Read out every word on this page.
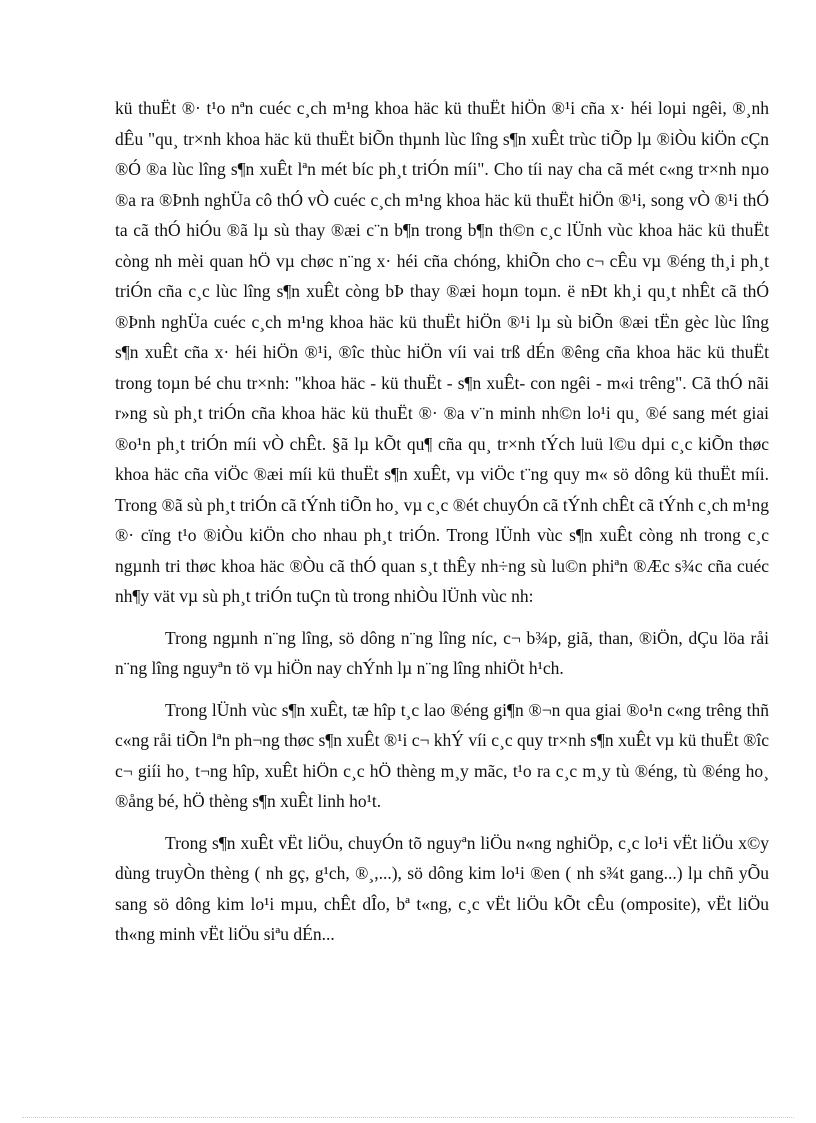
kü thuËt ®· t¹o nªn cuéc c¸ch m¹ng khoa häc kü thuËt hiÖn ®¹i cña x· héi loµi ngêi, ®¸nh dÊu "qu¸ tr×nh khoa häc kü thuËt biÕn thµnh lùc lîng s¶n xuÊt trùc tiÕp lµ ®iÒu kiÖn cÇn ®Ó ®a lùc lîng s¶n xuÊt lªn mét bíc ph¸t triÓn míi". Cho tíi nay cha cã mét c«ng tr×nh nµo ®a ra ®Þnh nghÜa cô thÓ vÒ cuéc c¸ch m¹ng khoa häc kü thuËt hiÖn ®¹i, song vÒ ®¹i thÓ ta cã thÓ hiÓu ®ã lµ sù thay ®æi c¨n b¶n trong b¶n th©n c¸c lÜnh vùc khoa häc kü thuËt còng nh mèi quan hÖ vµ chøc n¨ng x· héi cña chóng, khiÕn cho c¬ cÊu vµ ®éng th¸i ph¸t triÓn cña c¸c lùc lîng s¶n xuÊt còng bÞ thay ®æi hoµn toµn. ë nÐt kh¸i qu¸t nhÊt cã thÓ ®Þnh nghÜa cuéc c¸ch m¹ng khoa häc kü thuËt hiÖn ®¹i lµ sù biÕn ®æi tËn gèc lùc lîng s¶n xuÊt cña x· héi hiÖn ®¹i, ®îc thùc hiÖn víi vai trß dÉn ®êng cña khoa häc kü thuËt trong toµn bé chu tr×nh: "khoa häc - kü thuËt - s¶n xuÊt- con ngêi - m«i trêng". Cã thÓ nãi r»ng sù ph¸t triÓn cña khoa häc kü thuËt ®· ®a v¨n minh nh©n lo¹i qu¸ ®é sang mét giai ®o¹n ph¸t triÓn míi vÒ chÊt. §ã lµ kÕt qu¶ cña qu¸ tr×nh tÝch luü l©u dµi c¸c kiÕn thøc khoa häc cña viÖc ®æi míi kü thuËt s¶n xuÊt, vµ viÖc t¨ng quy m« sö dông kü thuËt míi. Trong ®ã sù ph¸t triÓn cã tÝnh tiÕn ho¸ vµ c¸c ®ét chuyÓn cã tÝnh chÊt cã tÝnh c¸ch m¹ng ®· cïng t¹o ®iÒu kiÖn cho nhau ph¸t triÓn. Trong lÜnh vùc s¶n xuÊt còng nh trong c¸c ngµnh tri thøc khoa häc ®Òu cã thÓ quan s¸t thÊy nh÷ng sù lu©n phiªn ®Æc s¾c cña cuéc nh¶y vät vµ sù ph¸t triÓn tuÇn tù trong nhiÒu lÜnh vùc nh:

Trong ngµnh n¨ng lîng, sö dông n¨ng lîng níc, c¬ b¾p, giã, than, ®iÖn, dÇu löa råi n¨ng lîng nguyªn tö vµ hiÖn nay chÝnh lµ n¨ng lîng nhiÖt h¹ch.

Trong lÜnh vùc s¶n xuÊt, tæ hîp t¸c lao ®éng gi¶n ®¬n qua giai ®o¹n c«ng trêng thñ c«ng råi tiÕn lªn ph¬ng thøc s¶n xuÊt ®¹i c¬ khÝ víi c¸c quy tr×nh s¶n xuÊt vµ kü thuËt ®îc c¬ giíi ho¸ t¬ng hîp, xuÊt hiÖn c¸c hÖ thèng m¸y mãc, t¹o ra c¸c m¸y tù ®éng, tù ®éng ho¸ ®ång bé, hÖ thèng s¶n xuÊt linh ho¹t.

Trong s¶n xuÊt vËt liÖu, chuyÓn tõ nguyªn liÖu n«ng nghiÖp, c¸c lo¹i vËt liÖu x©y dùng truyÒn thèng ( nh gç, g¹ch, ®¸,...), sö dông kim lo¹i ®en ( nh s¾t gang...) lµ chñ yÕu sang sö dông kim lo¹i mµu, chÊt dÎo, bª t«ng, c¸c vËt liÖu kÕt cÊu (omposite), vËt liÖu th«ng minh vËt liÖu siªu dÉn...
